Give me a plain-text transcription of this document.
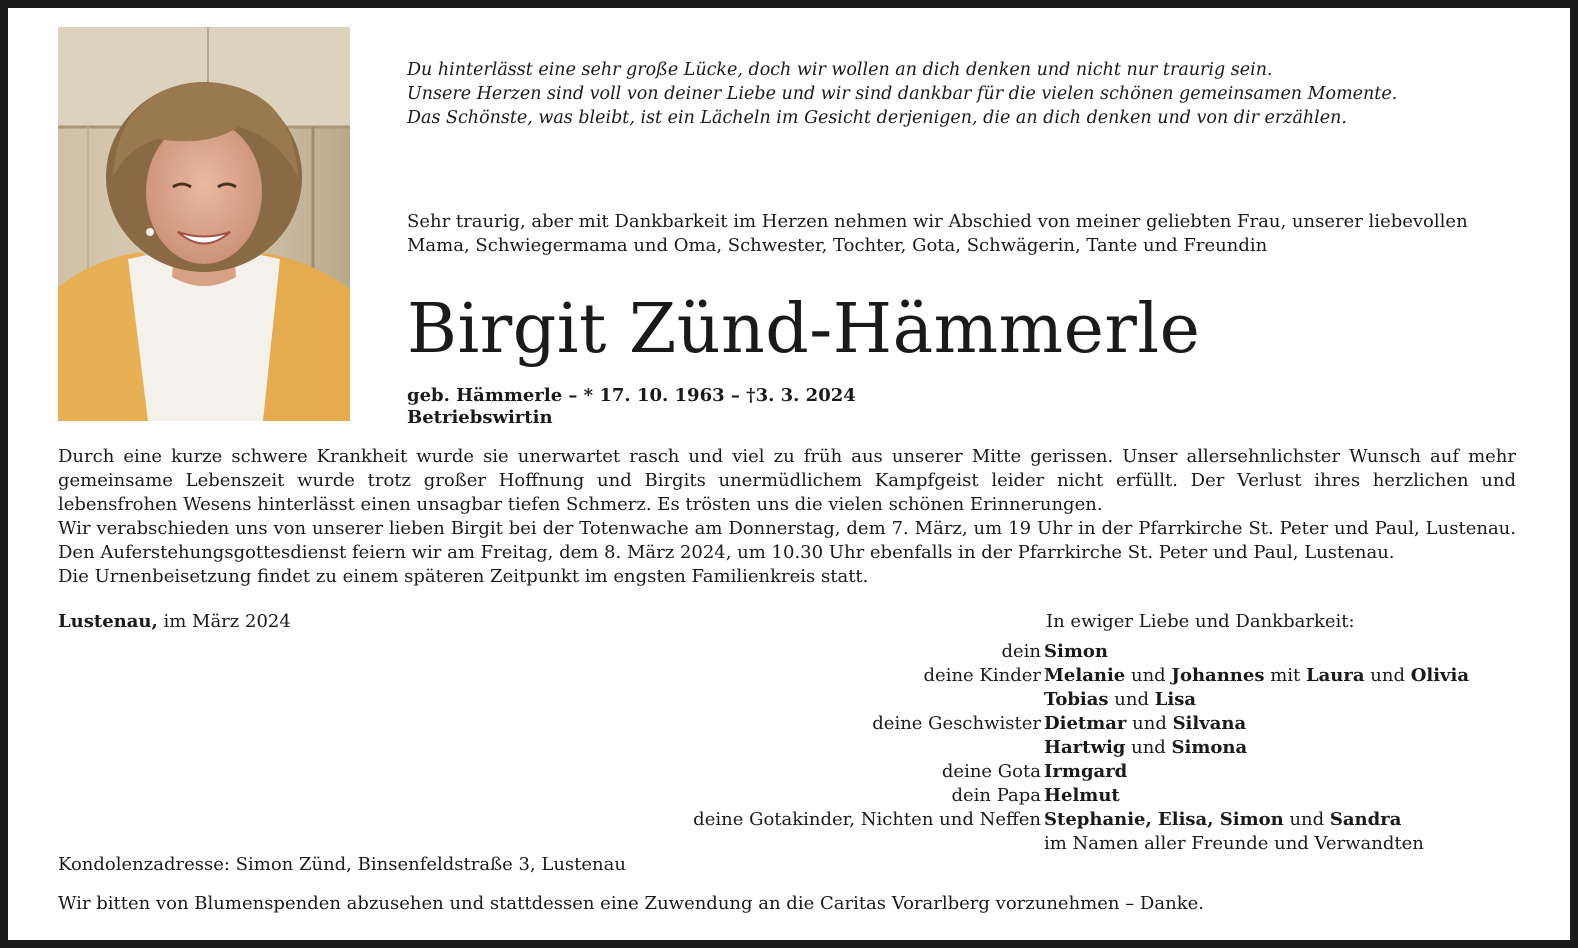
Du hinterlässt eine sehr große Lücke, doch wir wollen an dich denken und nicht nur traurig sein.
Unsere Herzen sind voll von deiner Liebe und wir sind dankbar für die vielen schönen gemeinsamen Momente.
Das Schönste, was bleibt, ist ein Lächeln im Gesicht derjenigen, die an dich denken und von dir erzählen.
Sehr traurig, aber mit Dankbarkeit im Herzen nehmen wir Abschied von meiner geliebten Frau, unserer liebevollen
Mama, Schwiegermama und Oma, Schwester, Tochter, Gota, Schwägerin, Tante und Freundin
Birgit Zünd-Hämmerle
geb. Hämmerle – * 17. 10. 1963 – †3. 3. 2024
Betriebswirtin

Durch eine kurze schwere Krankheit wurde sie unerwartet rasch und viel zu früh aus unserer Mitte gerissen. Unser allersehnlichster Wunsch auf mehr gemeinsame Lebenszeit wurde trotz großer Hoffnung und Birgits unermüdlichem Kampfgeist leider nicht erfüllt. Der Verlust ihres herzlichen und lebensfrohen Wesens hinterlässt einen unsagbar tiefen Schmerz. Es trösten uns die vielen schönen Erinnerungen.

Wir verabschieden uns von unserer lieben Birgit bei der Totenwache am Donnerstag, dem 7. März, um 19 Uhr in der Pfarrkirche St. Peter und Paul, Lustenau. Den Auferstehungsgottesdienst feiern wir am Freitag, dem 8. März 2024, um 10.30 Uhr ebenfalls in der Pfarrkirche St. Peter und Paul, Lustenau.

Die Urnenbeisetzung findet zu einem späteren Zeitpunkt im engsten Familienkreis statt.

Lustenau, im März 2024	In ewiger Liebe und Dankbarkeit:
dein Simon
deine Kinder Melanie und Johannes mit Laura und Olivia
Tobias und Lisa
deine Geschwister Dietmar und Silvana
Hartwig und Simona
deine Gota Irmgard
dein Papa Helmut
deine Gotakinder, Nichten und Neffen Stephanie, Elisa, Simon und Sandra
im Namen aller Freunde und Verwandten
Kondolenzadresse: Simon Zünd, Binsenfeldstraße 3, Lustenau
Wir bitten von Blumenspenden abzusehen und stattdessen eine Zuwendung an die Caritas Vorarlberg vorzunehmen – Danke.
